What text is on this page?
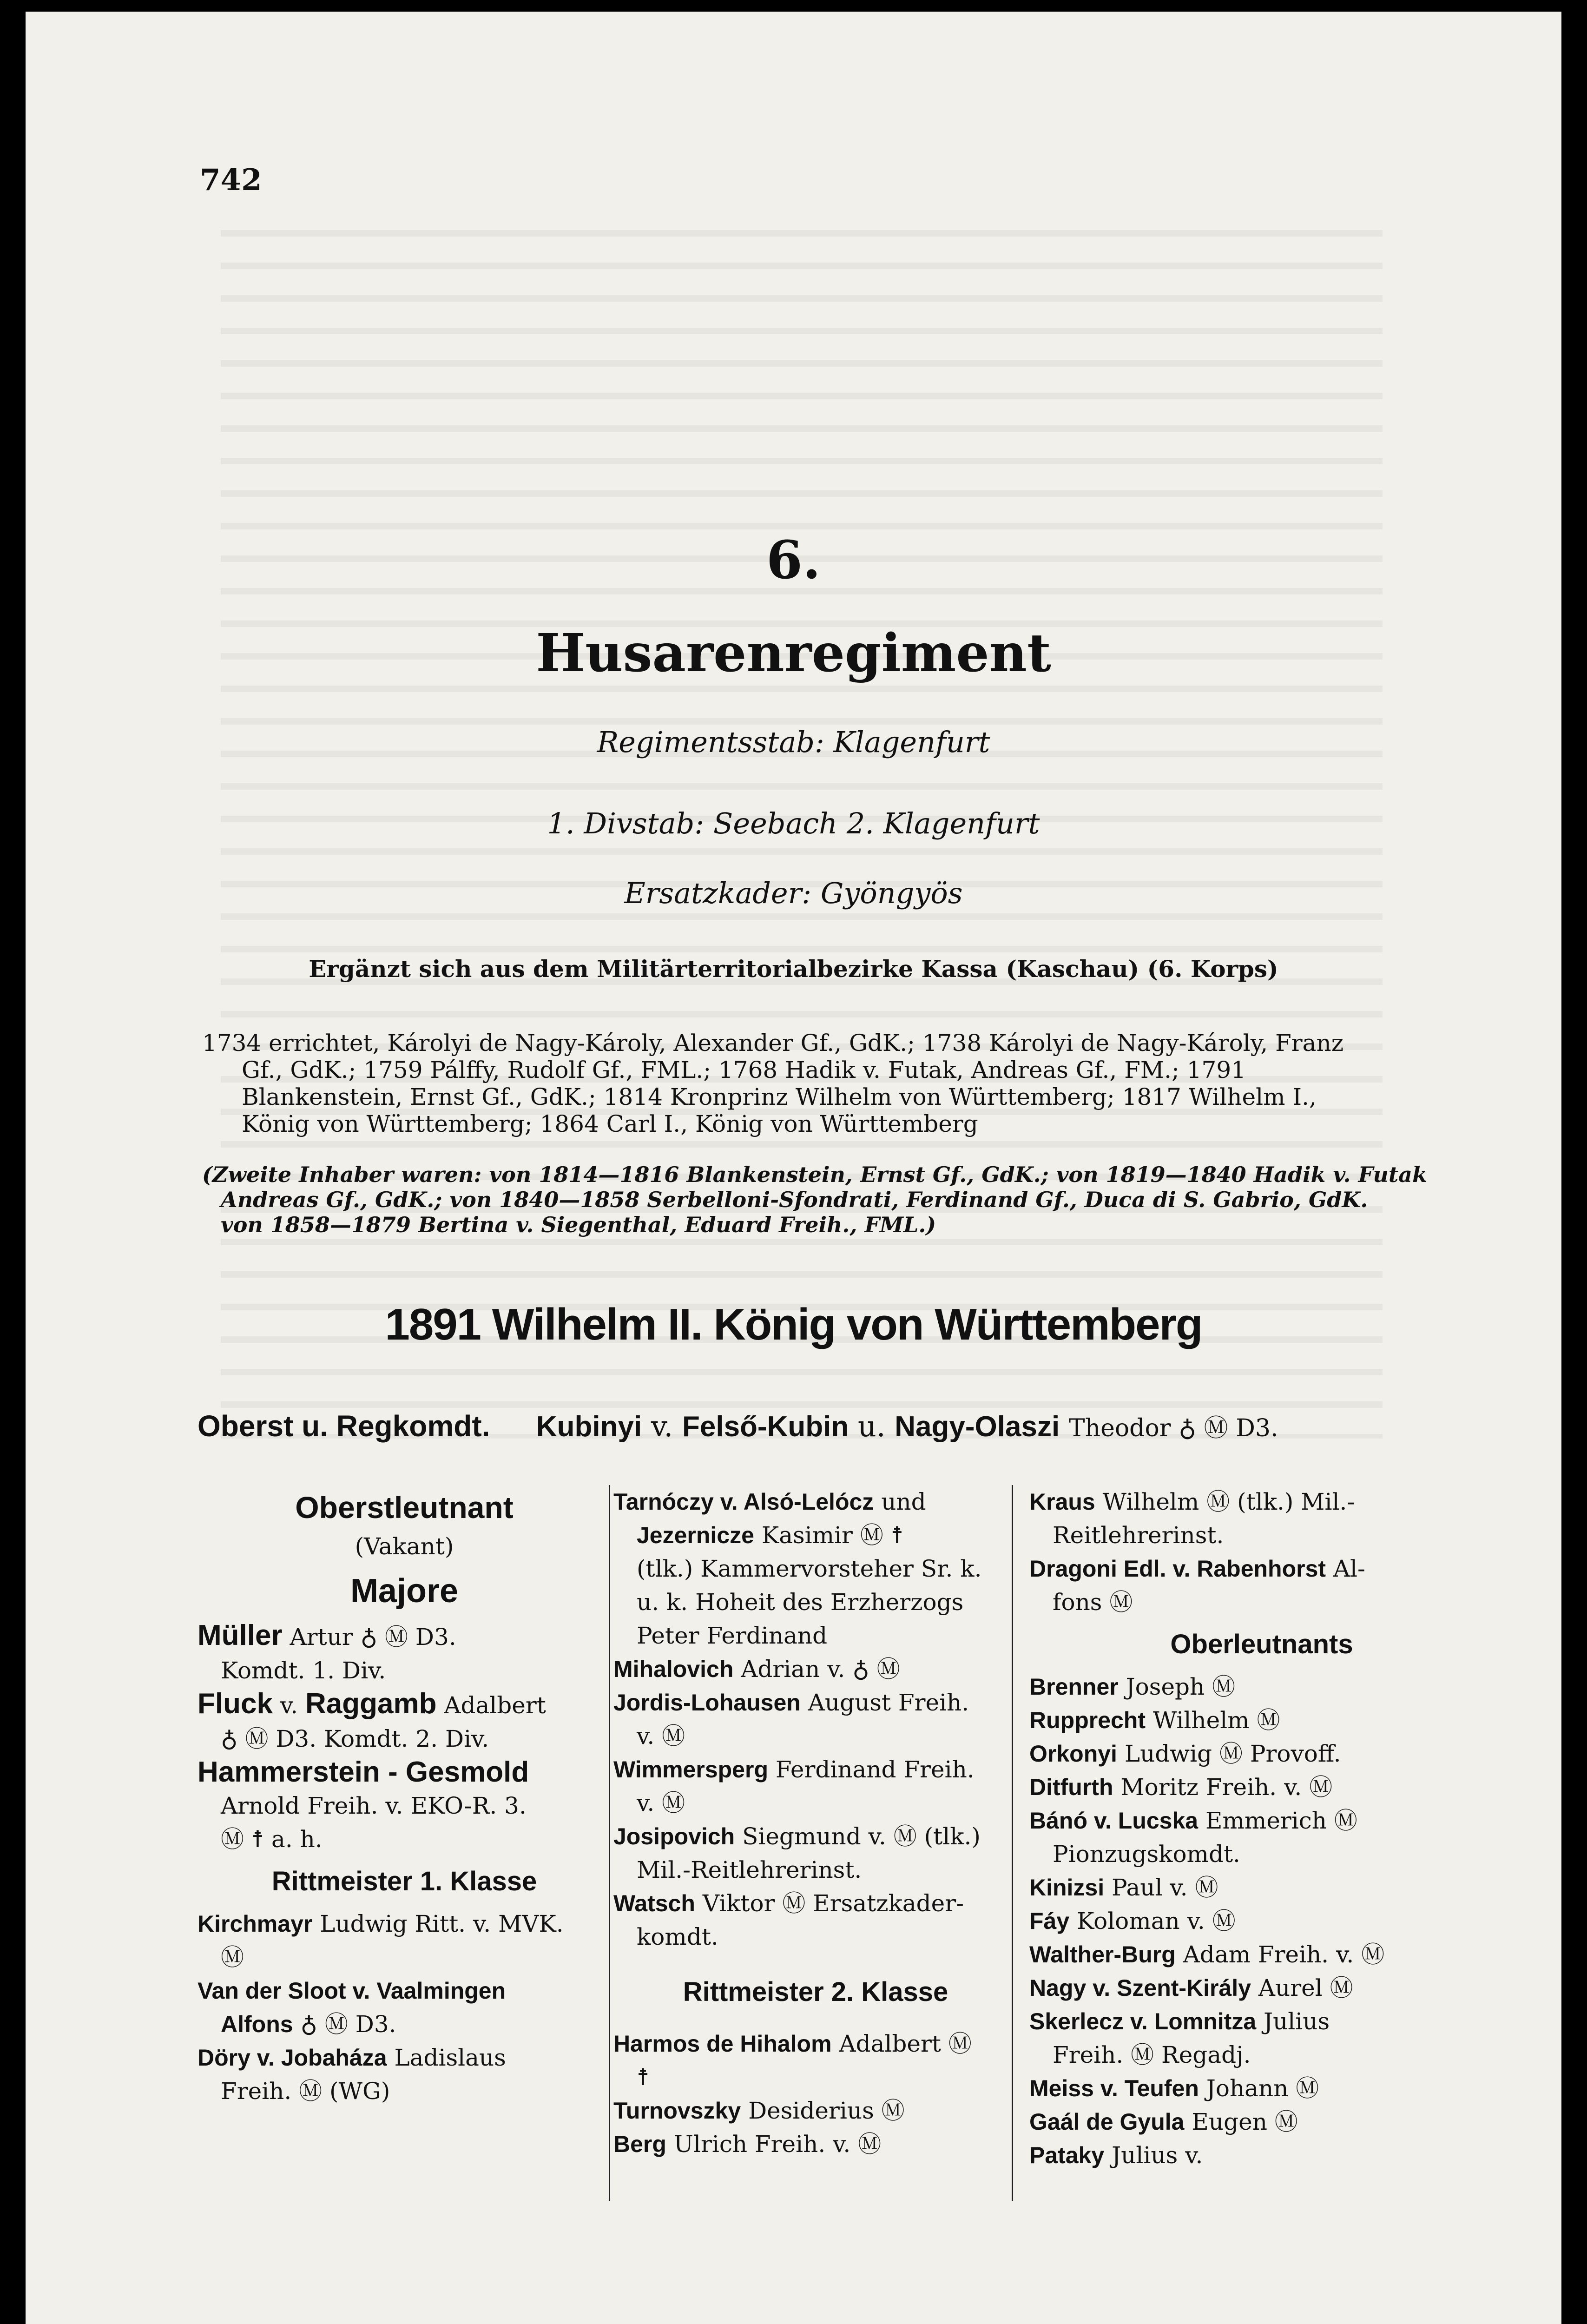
742
6.
Husarenregiment
Regimentsstab: Klagenfurt
1. Divstab: Seebach 2. Klagenfurt
Ersatzkader: Gyöngyös
Ergänzt sich aus dem Militärterritorialbezirke Kassa (Kaschau) (6. Korps)

1734 errichtet, Károlyi de Nagy-Károly, Alexander Gf., GdK.; 1738 Károlyi de Nagy-Károly, Franz

Gf., GdK.; 1759 Pálffy, Rudolf Gf., FML.; 1768 Hadik v. Futak, Andreas Gf., FM.; 1791

Blankenstein, Ernst Gf., GdK.; 1814 Kronprinz Wilhelm von Württemberg; 1817 Wilhelm I.,

König von Württemberg; 1864 Carl I., König von Württemberg

(Zweite Inhaber waren: von 1814—1816 Blankenstein, Ernst Gf., GdK.; von 1819—1840 Hadik v. Futak

Andreas Gf., GdK.; von 1840—1858 Serbelloni-Sfondrati, Ferdinand Gf., Duca di S. Gabrio, GdK.

von 1858—1879 Bertina v. Siegenthal, Eduard Freih., FML.)

1891 Wilhelm II. König von Württemberg
Oberst u. Regkomdt. Kubinyi v. Felső-Kubin u. Nagy-Olaszi Theodor ♁ Ⓜ D3.
Oberstleutnant
(Vakant)
Majore
Müller Artur ♁ Ⓜ D3.
Komdt. 1. Div.
Fluck v. Raggamb Adalbert
♁ Ⓜ D3. Komdt. 2. Div.
Hammerstein - Gesmold
Arnold Freih. v. EKO-R. 3.
Ⓜ ☨ a. h.
Rittmeister 1. Klasse
Kirchmayr Ludwig Ritt. v. MVK.
Ⓜ
Van der Sloot v. Vaalmingen
Alfons ♁ Ⓜ D3.
Döry v. Jobaháza Ladislaus
Freih. Ⓜ (WG)
Tarnóczy v. Alsó-Lelócz und
Jezernicze Kasimir Ⓜ ☨
(tlk.) Kammervorsteher Sr. k.
u. k. Hoheit des Erzherzogs
Peter Ferdinand
Mihalovich Adrian v. ♁ Ⓜ
Jordis-Lohausen August Freih.
v. Ⓜ
Wimmersperg Ferdinand Freih.
v. Ⓜ
Josipovich Siegmund v. Ⓜ (tlk.)
Mil.-Reitlehrerinst.
Watsch Viktor Ⓜ Ersatzkader-
komdt.
Rittmeister 2. Klasse
Harmos de Hihalom Adalbert Ⓜ
☨
Turnovszky Desiderius Ⓜ
Berg Ulrich Freih. v. Ⓜ
Kraus Wilhelm Ⓜ (tlk.) Mil.-
Reitlehrerinst.
Dragoni Edl. v. Rabenhorst Al-
fons Ⓜ
Oberleutnants
Brenner Joseph Ⓜ
Rupprecht Wilhelm Ⓜ
Orkonyi Ludwig Ⓜ Provoff.
Ditfurth Moritz Freih. v. Ⓜ
Bánó v. Lucska Emmerich Ⓜ
Pionzugskomdt.
Kinizsi Paul v. Ⓜ
Fáy Koloman v. Ⓜ
Walther-Burg Adam Freih. v. Ⓜ
Nagy v. Szent-Király Aurel Ⓜ
Skerlecz v. Lomnitza Julius
Freih. Ⓜ Regadj.
Meiss v. Teufen Johann Ⓜ
Gaál de Gyula Eugen Ⓜ
Pataky Julius v.
